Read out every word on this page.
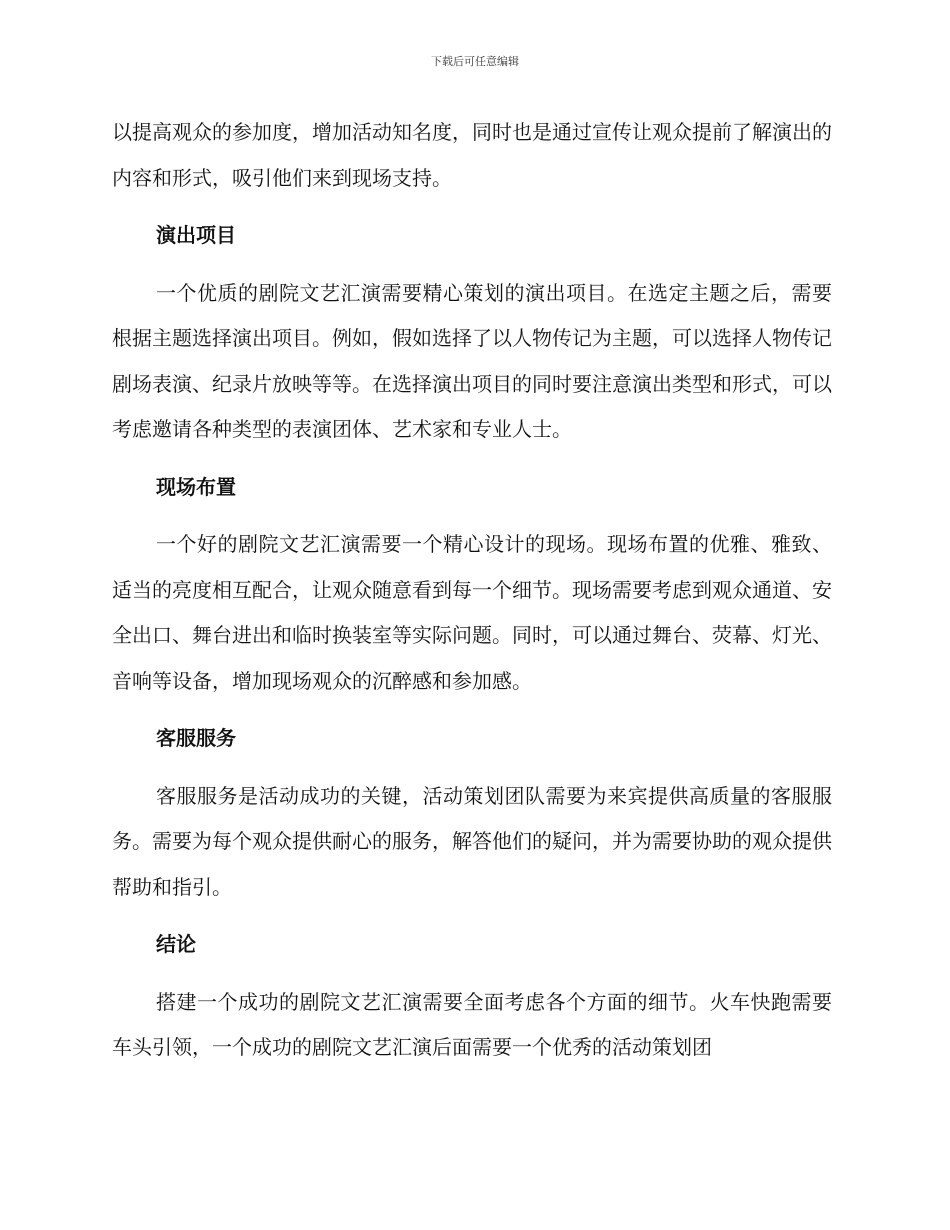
下载后可任意编辑

以提高观众的参加度，增加活动知名度，同时也是通过宣传让观众提前了解演出的内容和形式，吸引他们来到现场支持。

演出项目

一个优质的剧院文艺汇演需要精心策划的演出项目。在选定主题之后，需要根据主题选择演出项目。例如，假如选择了以人物传记为主题，可以选择人物传记剧场表演、纪录片放映等等。在选择演出项目的同时要注意演出类型和形式，可以考虑邀请各种类型的表演团体、艺术家和专业人士。

现场布置

一个好的剧院文艺汇演需要一个精心设计的现场。现场布置的优雅、雅致、适当的亮度相互配合，让观众随意看到每一个细节。现场需要考虑到观众通道、安全出口、舞台进出和临时换装室等实际问题。同时，可以通过舞台、荧幕、灯光、音响等设备，增加现场观众的沉醉感和参加感。

客服服务

客服服务是活动成功的关键，活动策划团队需要为来宾提供高质量的客服服务。需要为每个观众提供耐心的服务，解答他们的疑问，并为需要协助的观众提供帮助和指引。

结论

搭建一个成功的剧院文艺汇演需要全面考虑各个方面的细节。火车快跑需要车头引领，一个成功的剧院文艺汇演后面需要一个优秀的活动策划团
